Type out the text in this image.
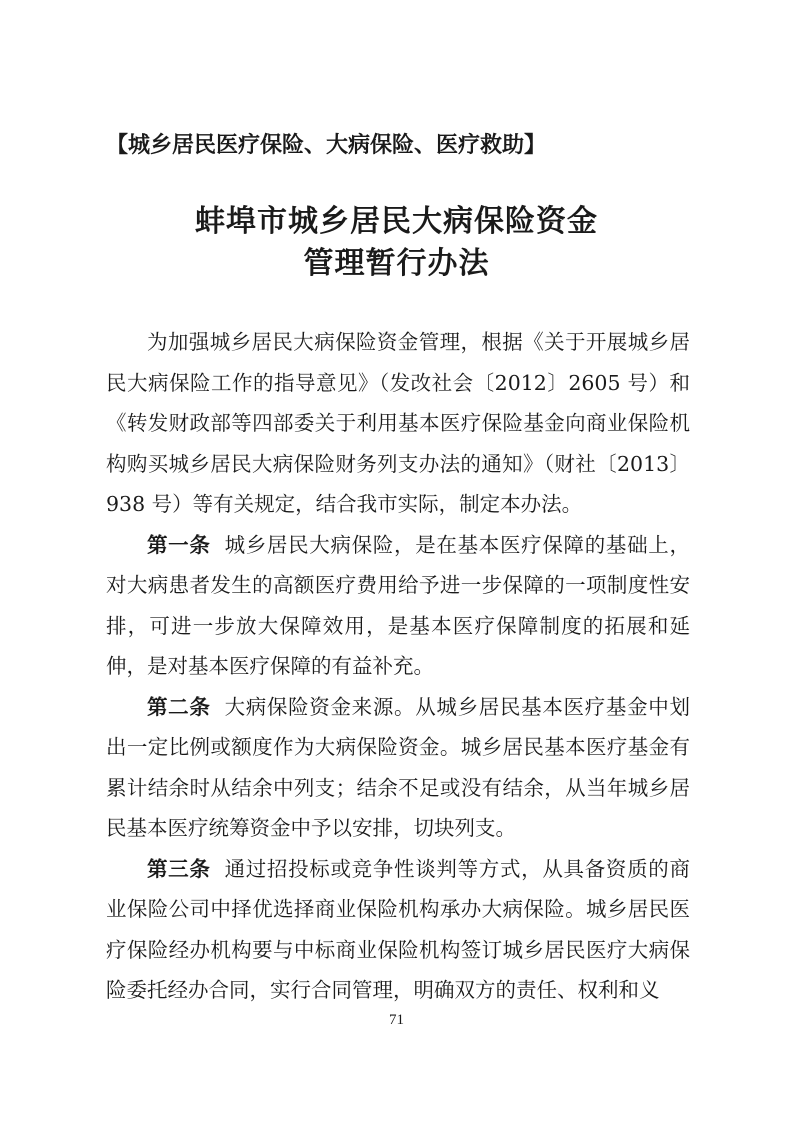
【城乡居民医疗保险、大病保险、医疗救助】
蚌埠市城乡居民大病保险资金
管理暂行办法

为加强城乡居民大病保险资金管理，根据《关于开展城乡居民大病保险工作的指导意见》（发改社会〔2012〕2605 号）和《转发财政部等四部委关于利用基本医疗保险基金向商业保险机构购买城乡居民大病保险财务列支办法的通知》（财社〔2013〕938 号）等有关规定，结合我市实际，制定本办法。

第一条 城乡居民大病保险，是在基本医疗保障的基础上，对大病患者发生的高额医疗费用给予进一步保障的一项制度性安排，可进一步放大保障效用，是基本医疗保障制度的拓展和延伸，是对基本医疗保障的有益补充。

第二条 大病保险资金来源。从城乡居民基本医疗基金中划出一定比例或额度作为大病保险资金。城乡居民基本医疗基金有累计结余时从结余中列支；结余不足或没有结余，从当年城乡居民基本医疗统筹资金中予以安排，切块列支。

第三条 通过招投标或竞争性谈判等方式，从具备资质的商业保险公司中择优选择商业保险机构承办大病保险。城乡居民医疗保险经办机构要与中标商业保险机构签订城乡居民医疗大病保险委托经办合同，实行合同管理，明确双方的责任、权利和义

71
